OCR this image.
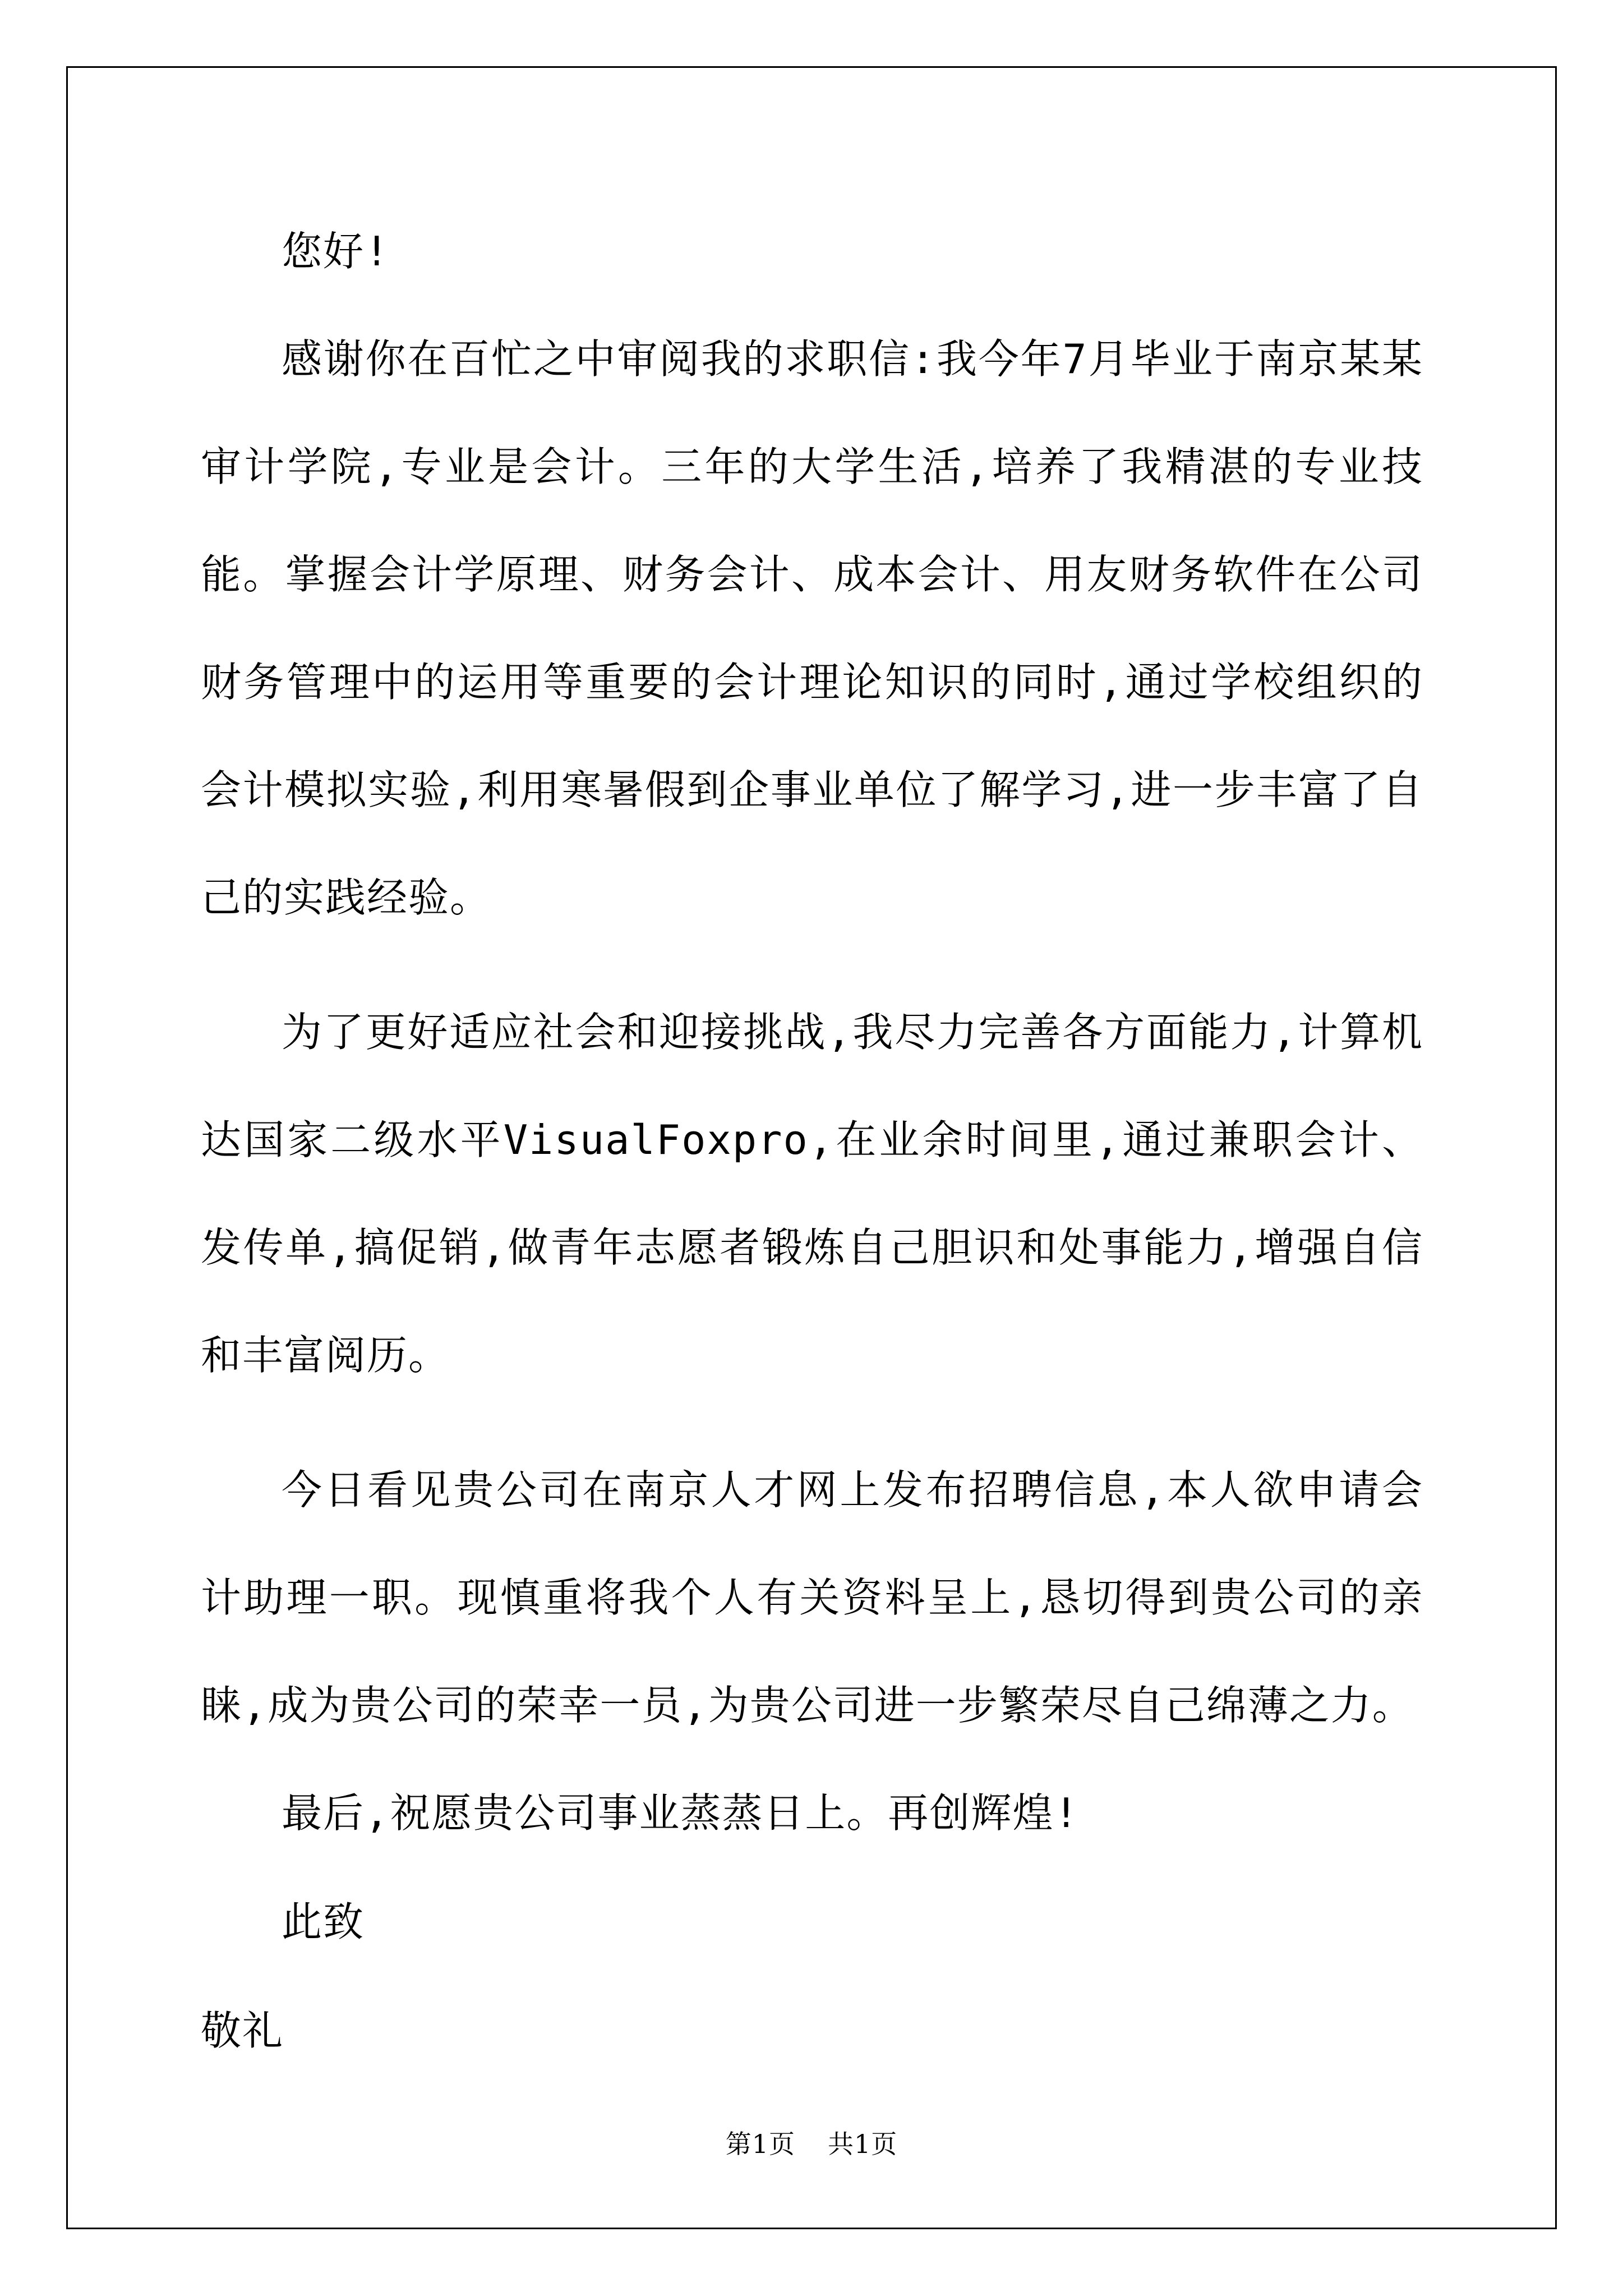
您好!

感谢你在百忙之中审阅我的求职信:我今年7月毕业于南京某某审计学院,专业是会计。三年的大学生活,培养了我精湛的专业技能。掌握会计学原理、财务会计、成本会计、用友财务软件在公司财务管理中的运用等重要的会计理论知识的同时,通过学校组织的会计模拟实验,利用寒暑假到企事业单位了解学习,进一步丰富了自己的实践经验。

为了更好适应社会和迎接挑战,我尽力完善各方面能力,计算机达国家二级水平VisualFoxpro,在业余时间里,通过兼职会计、发传单,搞促销,做青年志愿者锻炼自己胆识和处事能力,增强自信和丰富阅历。

今日看见贵公司在南京人才网上发布招聘信息,本人欲申请会计助理一职。现慎重将我个人有关资料呈上,恳切得到贵公司的亲睐,成为贵公司的荣幸一员,为贵公司进一步繁荣尽自己绵薄之力。

最后,祝愿贵公司事业蒸蒸日上。再创辉煌!

此致

敬礼

第1页 共1页
